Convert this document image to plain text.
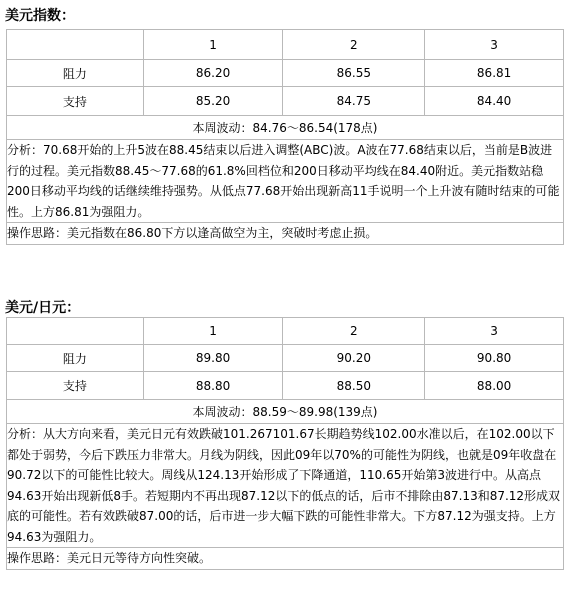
美元指数：
	1	2	3
阻力	86.20	86.55	86.81
支持	85.20	84.75	84.40
本周波动：84.76～86.54(178点)			
分析：70.68开始的上升5波在88.45结束以后进入调整(ABC)波。A波在77.68结束以后，当前是B波进行的过程。美元指数88.45～77.68的61.8%回档位和200日移动平均线在84.40附近。美元指数站稳200日移动平均线的话继续维持强势。从低点77.68开始出现新高11手说明一个上升波有随时结束的可能性。上方86.81为强阻力。			
操作思路：美元指数在86.80下方以逢高做空为主，突破时考虑止损。			
美元/日元：
	1	2	3
阻力	89.80	90.20	90.80
支持	88.80	88.50	88.00
本周波动：88.59～89.98(139点)			
分析：从大方向来看，美元日元有效跌破101.267101.67长期趋势线102.00水准以后，在102.00以下都处于弱势，今后下跌压力非常大。月线为阴线，因此09年以70%的可能性为阴线，也就是09年收盘在90.72以下的可能性比较大。周线从124.13开始形成了下降通道，110.65开始第3波进行中。从高点94.63开始出现新低8手。若短期内不再出现87.12以下的低点的话，后市不排除由87.13和87.12形成双底的可能性。若有效跌破87.00的话，后市进一步大幅下跌的可能性非常大。下方87.12为强支持。上方94.63为强阻力。			
操作思路：美元日元等待方向性突破。			
